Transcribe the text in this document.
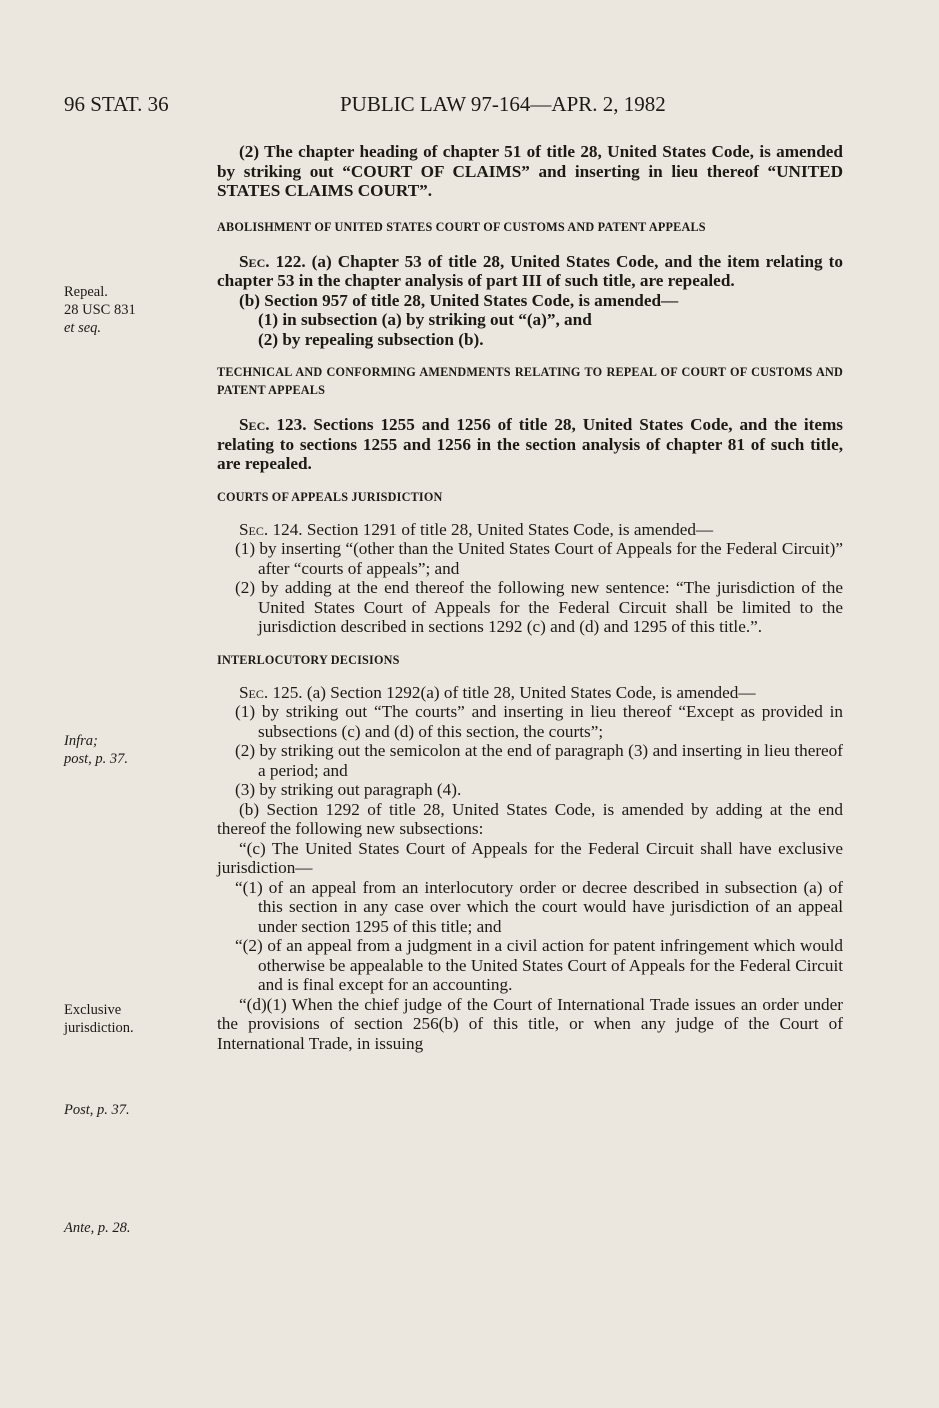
96 STAT. 36	PUBLIC LAW 97-164—APR. 2, 1982
Repeal.
28 USC 831
et seq.
Infra;
post, p. 37.
Exclusive
jurisdiction.
Post, p. 37.
Ante, p. 28.

(2) The chapter heading of chapter 51 of title 28, United States Code, is amended by striking out “COURT OF CLAIMS” and inserting in lieu thereof “UNITED STATES CLAIMS COURT”.

ABOLISHMENT OF UNITED STATES COURT OF CUSTOMS AND PATENT APPEALS

Sec. 122. (a) Chapter 53 of title 28, United States Code, and the item relating to chapter 53 in the chapter analysis of part III of such title, are repealed.

(b) Section 957 of title 28, United States Code, is amended—

(1) in subsection (a) by striking out “(a)”, and

(2) by repealing subsection (b).

TECHNICAL AND CONFORMING AMENDMENTS RELATING TO REPEAL OF COURT OF CUSTOMS AND PATENT APPEALS

Sec. 123. Sections 1255 and 1256 of title 28, United States Code, and the items relating to sections 1255 and 1256 in the section analysis of chapter 81 of such title, are repealed.

COURTS OF APPEALS JURISDICTION

Sec. 124. Section 1291 of title 28, United States Code, is amended—

(1) by inserting “(other than the United States Court of Appeals for the Federal Circuit)” after “courts of appeals”; and

(2) by adding at the end thereof the following new sentence: “The jurisdiction of the United States Court of Appeals for the Federal Circuit shall be limited to the jurisdiction described in sections 1292 (c) and (d) and 1295 of this title.”.

INTERLOCUTORY DECISIONS

Sec. 125. (a) Section 1292(a) of title 28, United States Code, is amended—

(1) by striking out “The courts” and inserting in lieu thereof “Except as provided in subsections (c) and (d) of this section, the courts”;

(2) by striking out the semicolon at the end of paragraph (3) and inserting in lieu thereof a period; and

(3) by striking out paragraph (4).

(b) Section 1292 of title 28, United States Code, is amended by adding at the end thereof the following new subsections:

“(c) The United States Court of Appeals for the Federal Circuit shall have exclusive jurisdiction—

“(1) of an appeal from an interlocutory order or decree described in subsection (a) of this section in any case over which the court would have jurisdiction of an appeal under section 1295 of this title; and

“(2) of an appeal from a judgment in a civil action for patent infringement which would otherwise be appealable to the United States Court of Appeals for the Federal Circuit and is final except for an accounting.

“(d)(1) When the chief judge of the Court of International Trade issues an order under the provisions of section 256(b) of this title, or when any judge of the Court of International Trade, in issuing
